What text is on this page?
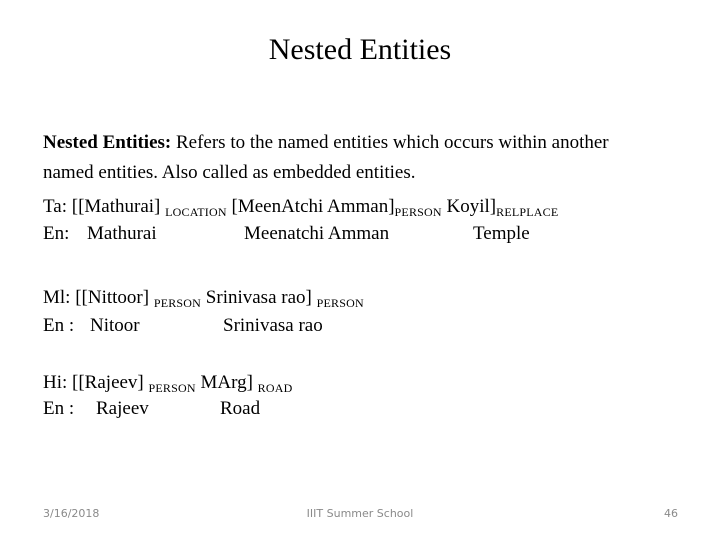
Nested Entities
Nested Entities: Refers to the named entities which occurs within another
named entities. Also called as embedded entities.
Ta: [[Mathurai] $_{LOCATION}$ [MeenAtchi $Amman]_{PERSON}$ $Koyil]_{RELPLACE}$
En: Mathurai	Meenatchi Amman	Temple
Ml: [[Nittoor] $_{PERSON}$ Srinivasa rao] $_{PERSON}$
En : Nitoor	Srinivasa rao
Hi: [[Rajeev] $_{PERSON}$ MArg] $_{ROAD}$
En : Rajeev	Road
3/16/2018	IIIT Summer School	46
